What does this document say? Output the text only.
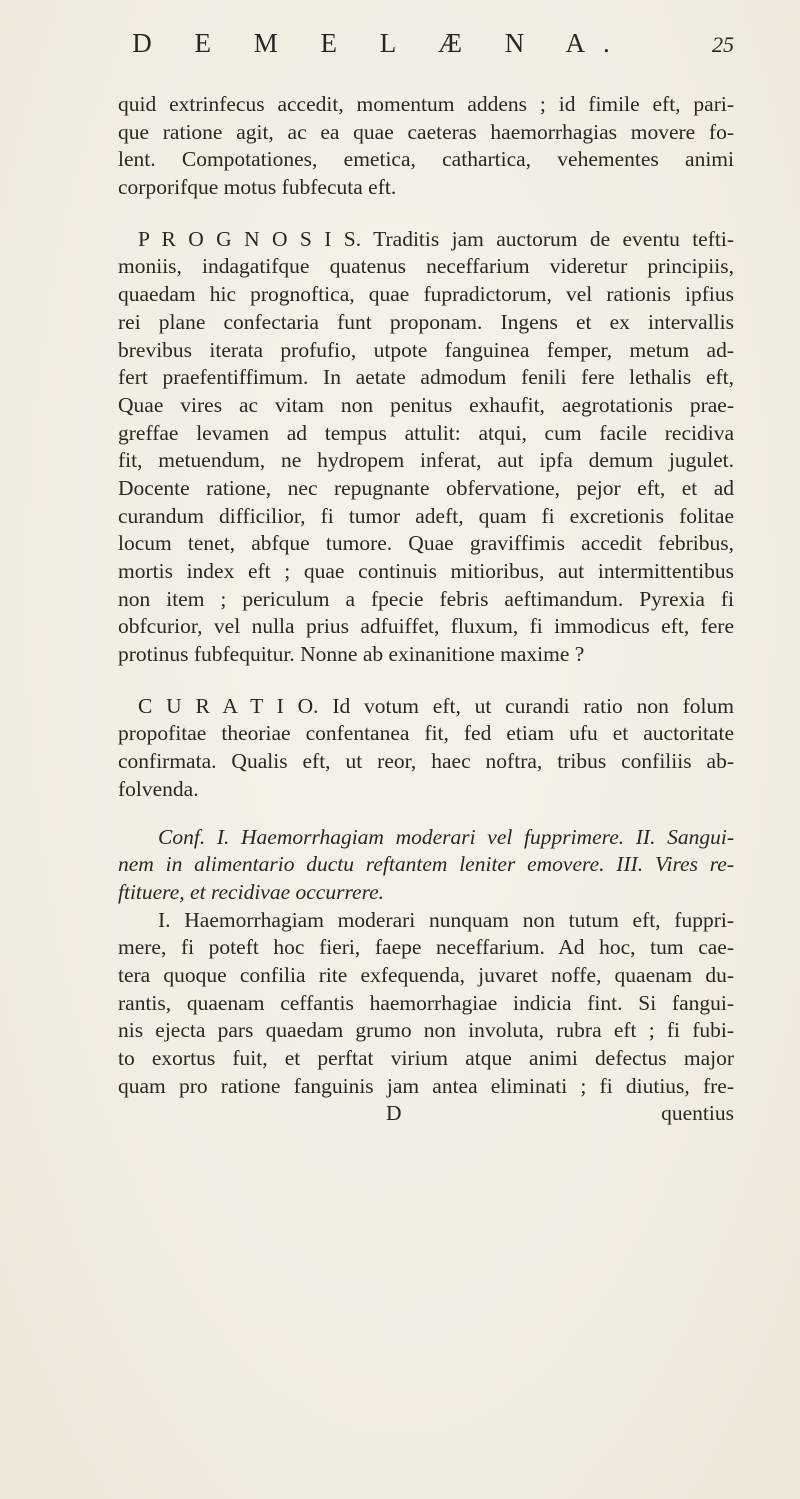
D E M E L Æ N A.	25
quid extrinfecus accedit, momentum addens ; id fimile eft, pari-
que ratione agit, ac ea quae caeteras haemorrhagias movere fo-
lent. Compotationes, emetica, cathartica, vehementes animi
corporifque motus fubfecuta eft.
P R O G N O S I S. Traditis jam auctorum de eventu tefti-
moniis, indagatifque quatenus neceffarium videretur principiis,
quaedam hic prognoftica, quae fupradictorum, vel rationis ipfius
rei plane confectaria funt proponam. Ingens et ex intervallis
brevibus iterata profufio, utpote fanguinea femper, metum ad-
fert praefentiffimum. In aetate admodum fenili fere lethalis eft,
Quae vires ac vitam non penitus exhaufit, aegrotationis prae-
greffae levamen ad tempus attulit: atqui, cum facile recidiva
fit, metuendum, ne hydropem inferat, aut ipfa demum jugulet.
Docente ratione, nec repugnante obfervatione, pejor eft, et ad
curandum difficilior, fi tumor adeft, quam fi excretionis folitae
locum tenet, abfque tumore. Quae graviffimis accedit febribus,
mortis index eft ; quae continuis mitioribus, aut intermittentibus
non item ; periculum a fpecie febris aeftimandum. Pyrexia fi
obfcurior, vel nulla prius adfuiffet, fluxum, fi immodicus eft, fere
protinus fubfequitur. Nonne ab exinanitione maxime ?
C U R A T I O. Id votum eft, ut curandi ratio non folum
propofitae theoriae confentanea fit, fed etiam ufu et auctoritate
confirmata. Qualis eft, ut reor, haec noftra, tribus confiliis ab-
folvenda.
Conf. I. Haemorrhagiam moderari vel fupprimere. II. Sangui-
nem in alimentario ductu reftantem leniter emovere. III. Vires re-
ftituere, et recidivae occurrere.
I. Haemorrhagiam moderari nunquam non tutum eft, fuppri-
mere, fi poteft hoc fieri, faepe neceffarium. Ad hoc, tum cae-
tera quoque confilia rite exfequenda, juvaret noffe, quaenam du-
rantis, quaenam ceffantis haemorrhagiae indicia fint. Si fangui-
nis ejecta pars quaedam grumo non involuta, rubra eft ; fi fubi-
to exortus fuit, et perftat virium atque animi defectus major
quam pro ratione fanguinis jam antea eliminati ; fi diutius, fre-
D	quentius
